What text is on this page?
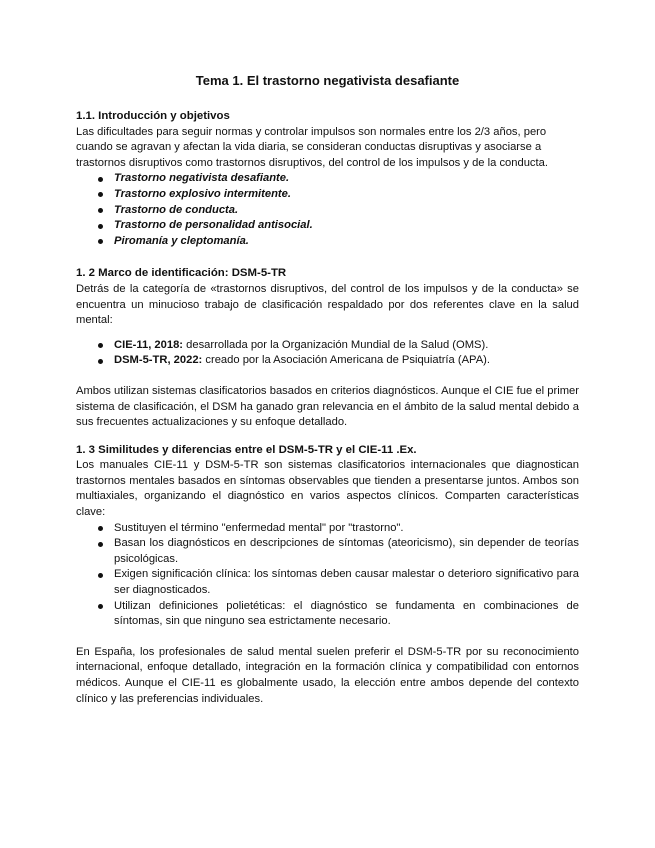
Tema 1. El trastorno negativista desafiante
1.1. Introducción y objetivos

Las dificultades para seguir normas y controlar impulsos son normales entre los 2/3 años, pero cuando se agravan y afectan la vida diaria, se consideran conductas disruptivas y asociarse a trastornos disruptivos como trastornos disruptivos, del control de los impulsos y de la conducta.

Trastorno negativista desafiante.
Trastorno explosivo intermitente.
Trastorno de conducta.
Trastorno de personalidad antisocial.
Piromanía y cleptomanía.
1. 2 Marco de identificación: DSM-5-TR

Detrás de la categoría de «trastornos disruptivos, del control de los impulsos y de la conducta» se encuentra un minucioso trabajo de clasificación respaldado por dos referentes clave en la salud mental:

CIE-11, 2018: desarrollada por la Organización Mundial de la Salud (OMS).
DSM-5-TR, 2022: creado por la Asociación Americana de Psiquiatría (APA).

Ambos utilizan sistemas clasificatorios basados en criterios diagnósticos. Aunque el CIE fue el primer sistema de clasificación, el DSM ha ganado gran relevancia en el ámbito de la salud mental debido a sus frecuentes actualizaciones y su enfoque detallado.

1. 3 Similitudes y diferencias entre el DSM-5-TR y el CIE-11 .Ex.

Los manuales CIE-11 y DSM-5-TR son sistemas clasificatorios internacionales que diagnostican trastornos mentales basados en síntomas observables que tienden a presentarse juntos. Ambos son multiaxiales, organizando el diagnóstico en varios aspectos clínicos. Comparten características clave:

Sustituyen el término "enfermedad mental" por "trastorno".
Basan los diagnósticos en descripciones de síntomas (ateoricismo), sin depender de teorías psicológicas.
Exigen significación clínica: los síntomas deben causar malestar o deterioro significativo para ser diagnosticados.
Utilizan definiciones polietéticas: el diagnóstico se fundamenta en combinaciones de síntomas, sin que ninguno sea estrictamente necesario.

En España, los profesionales de salud mental suelen preferir el DSM-5-TR por su reconocimiento internacional, enfoque detallado, integración en la formación clínica y compatibilidad con entornos médicos. Aunque el CIE-11 es globalmente usado, la elección entre ambos depende del contexto clínico y las preferencias individuales.
